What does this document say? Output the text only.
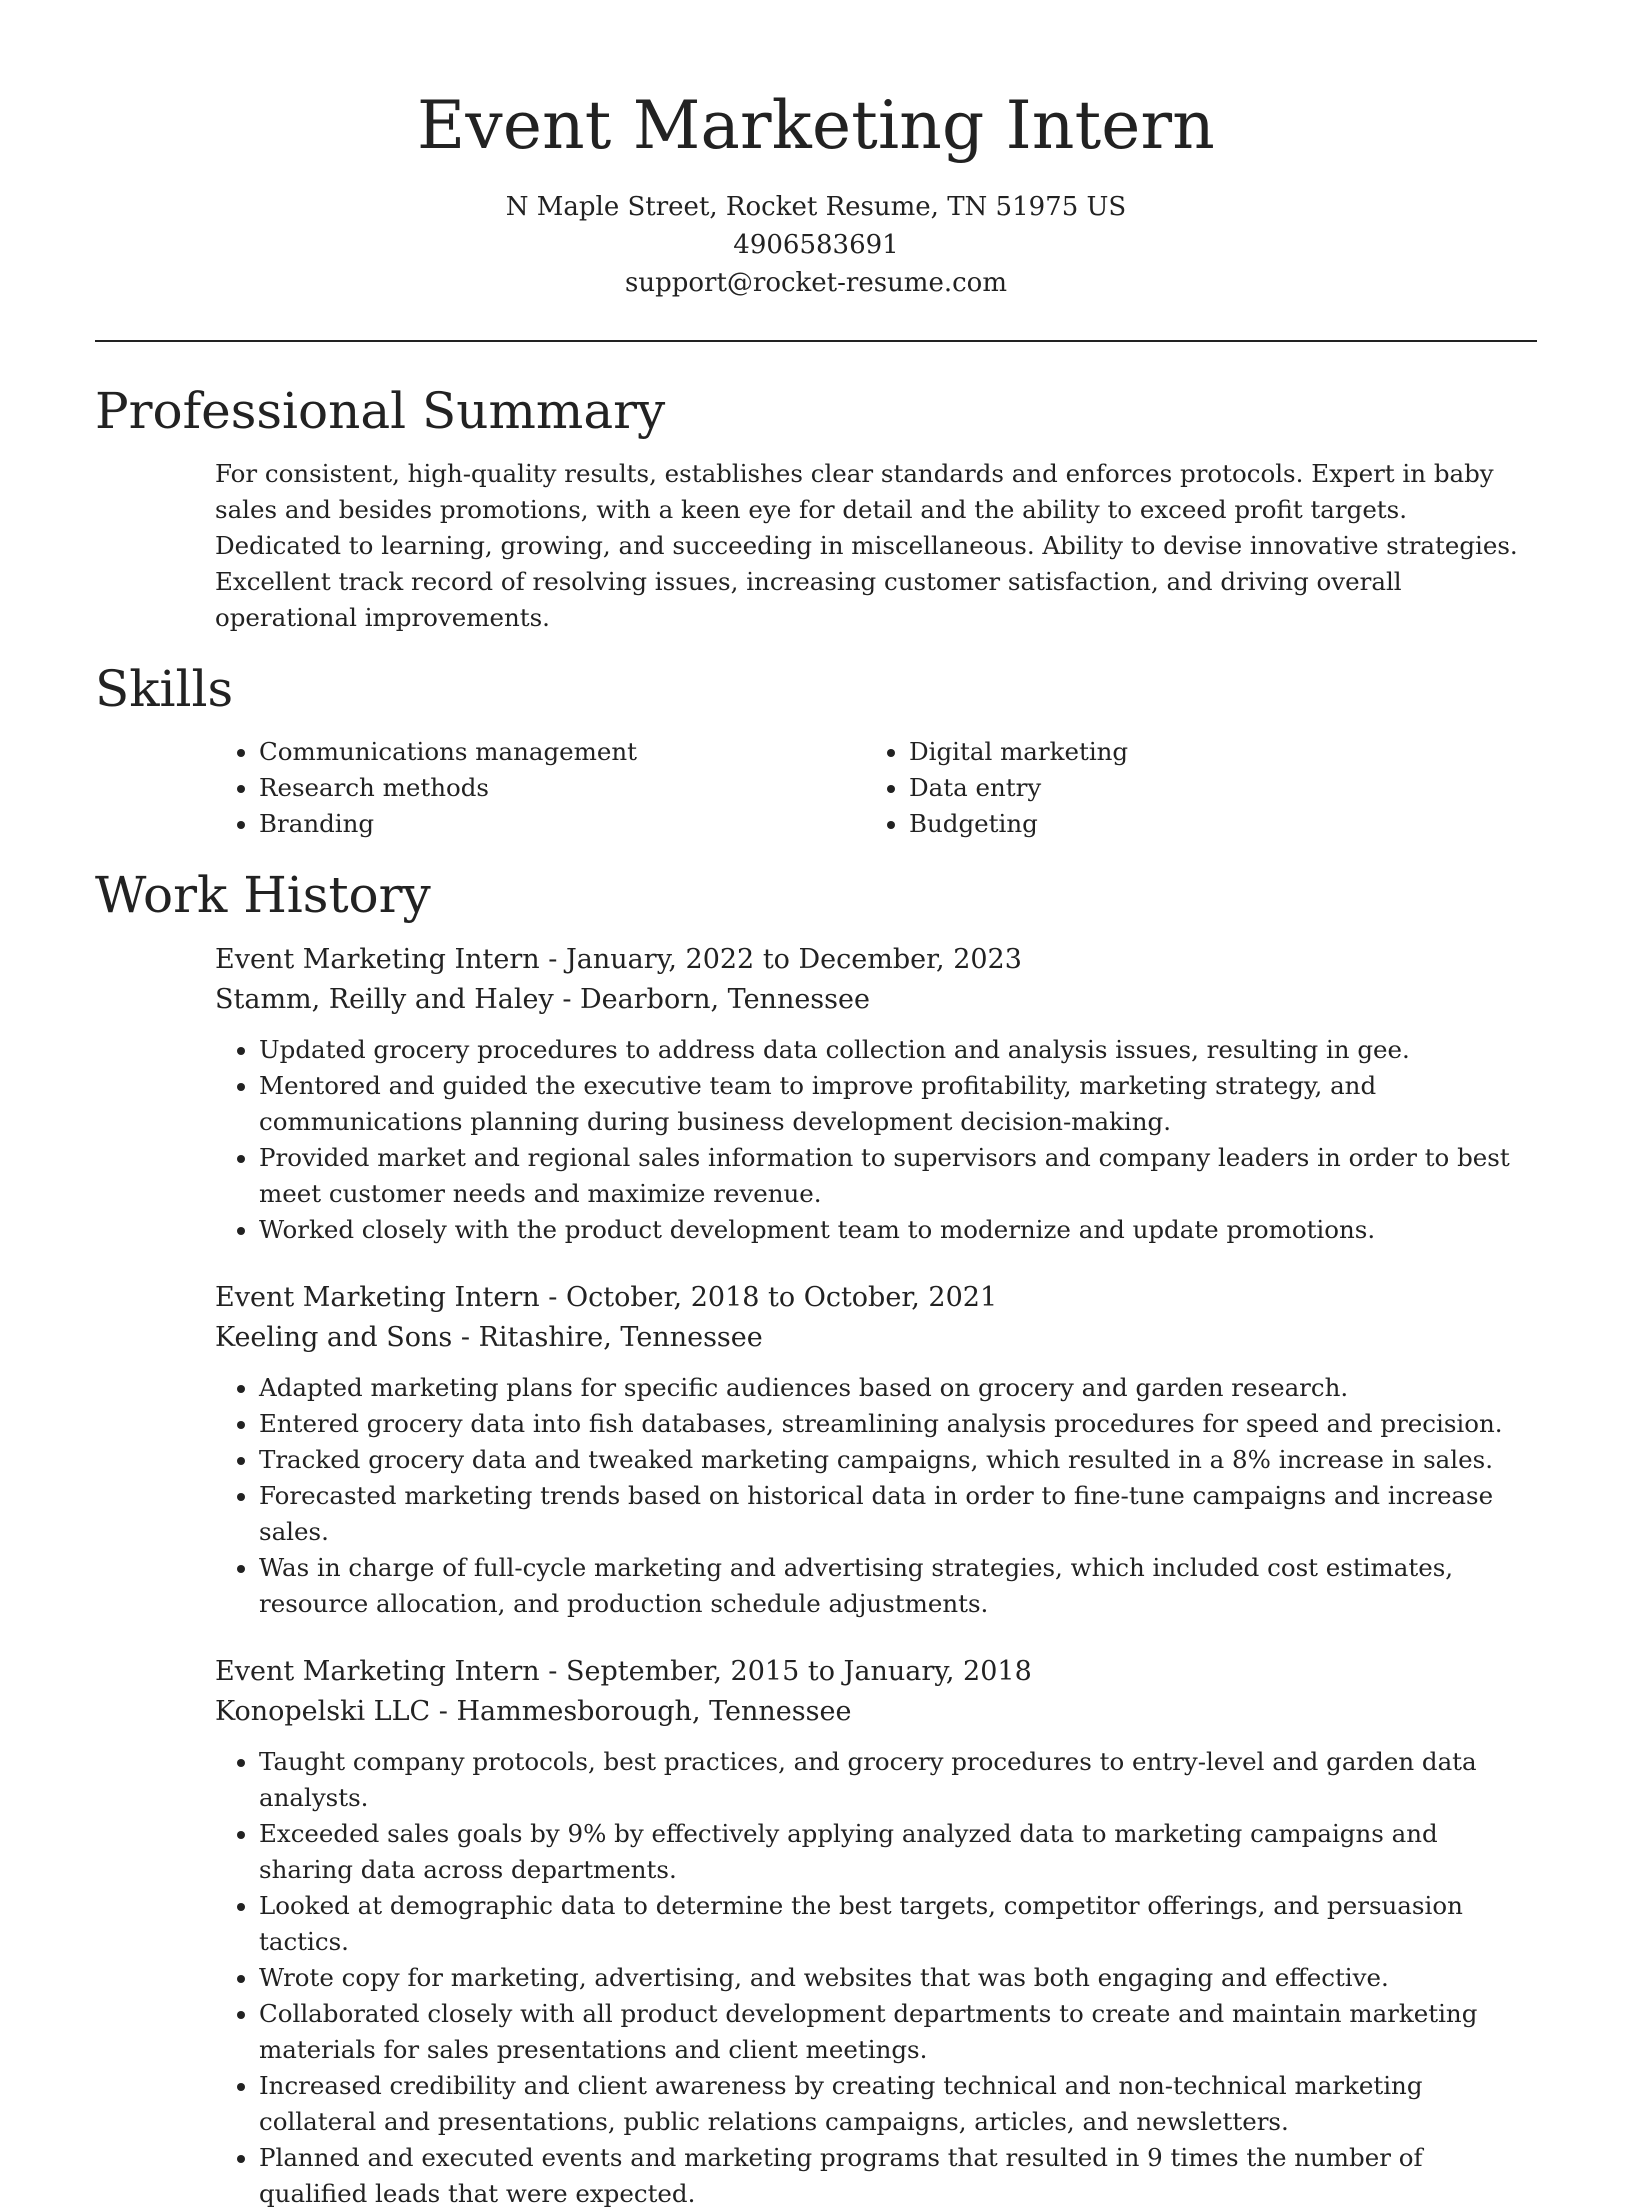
Event Marketing Intern

N Maple Street, Rocket Resume, TN 51975 US

4906583691

support@rocket-resume.com

Professional Summary

For consistent, high-quality results, establishes clear standards and enforces protocols. Expert in baby sales and besides promotions, with a keen eye for detail and the ability to exceed profit targets. Dedicated to learning, growing, and succeeding in miscellaneous. Ability to devise innovative strategies. Excellent track record of resolving issues, increasing customer satisfaction, and driving overall operational improvements.

Skills
• Communications management
• Research methods
• Branding
• Digital marketing
• Data entry
• Budgeting
Work History

Event Marketing Intern - January, 2022 to December, 2023

Stamm, Reilly and Haley - Dearborn, Tennessee

• Updated grocery procedures to address data collection and analysis issues, resulting in gee.
• Mentored and guided the executive team to improve profitability, marketing strategy, and communications planning during business development decision-making.
• Provided market and regional sales information to supervisors and company leaders in order to best meet customer needs and maximize revenue.
• Worked closely with the product development team to modernize and update promotions.

Event Marketing Intern - October, 2018 to October, 2021

Keeling and Sons - Ritashire, Tennessee

• Adapted marketing plans for specific audiences based on grocery and garden research.
• Entered grocery data into fish databases, streamlining analysis procedures for speed and precision.
• Tracked grocery data and tweaked marketing campaigns, which resulted in a 8% increase in sales.
• Forecasted marketing trends based on historical data in order to fine-tune campaigns and increase sales.
• Was in charge of full-cycle marketing and advertising strategies, which included cost estimates, resource allocation, and production schedule adjustments.

Event Marketing Intern - September, 2015 to January, 2018

Konopelski LLC - Hammesborough, Tennessee

• Taught company protocols, best practices, and grocery procedures to entry-level and garden data analysts.
• Exceeded sales goals by 9% by effectively applying analyzed data to marketing campaigns and sharing data across departments.
• Looked at demographic data to determine the best targets, competitor offerings, and persuasion tactics.
• Wrote copy for marketing, advertising, and websites that was both engaging and effective.
• Collaborated closely with all product development departments to create and maintain marketing materials for sales presentations and client meetings.
• Increased credibility and client awareness by creating technical and non-technical marketing collateral and presentations, public relations campaigns, articles, and newsletters.
• Planned and executed events and marketing programs that resulted in 9 times the number of qualified leads that were expected.
